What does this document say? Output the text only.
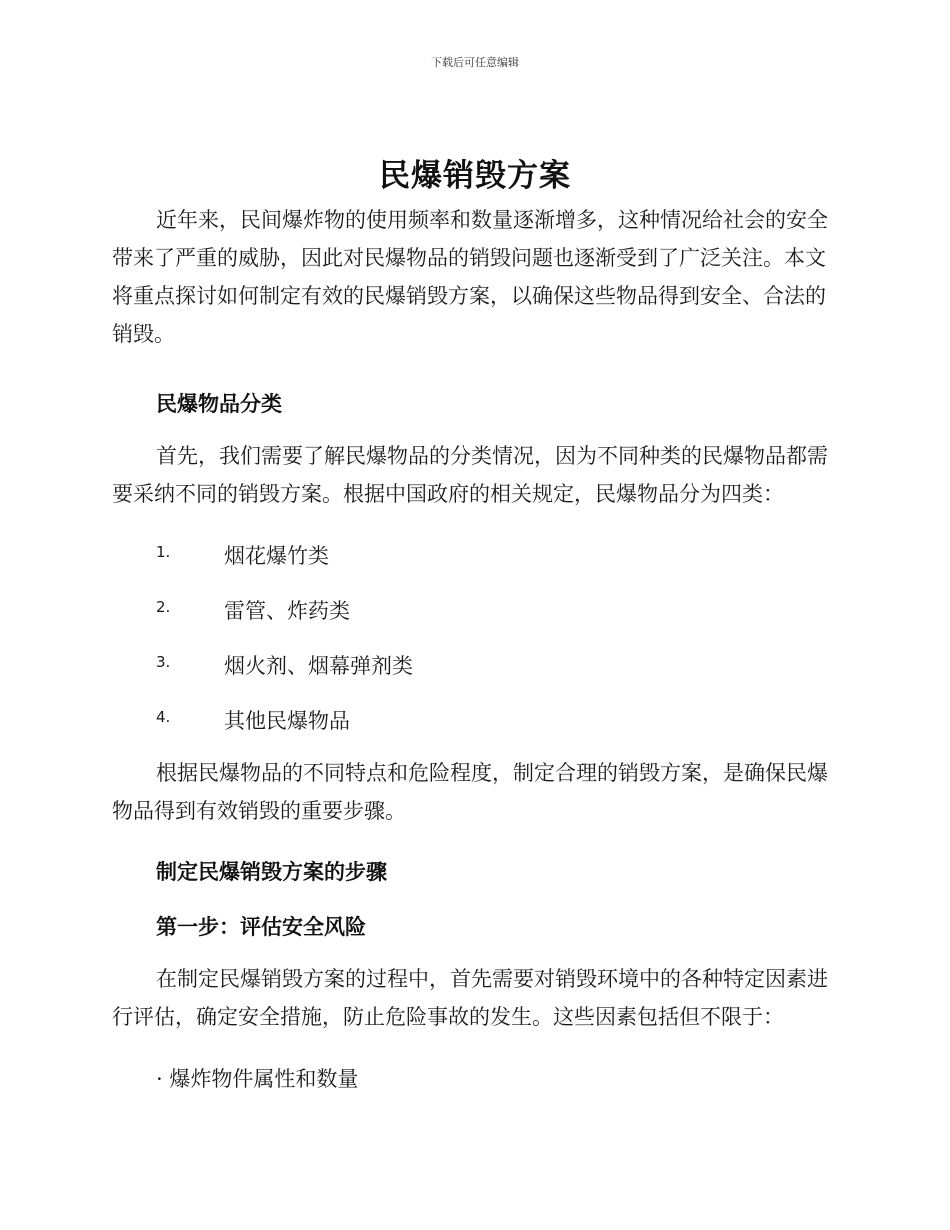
下载后可任意编辑
民爆销毁方案

近年来，民间爆炸物的使用频率和数量逐渐增多，这种情况给社会的安全带来了严重的威胁，因此对民爆物品的销毁问题也逐渐受到了广泛关注。本文将重点探讨如何制定有效的民爆销毁方案，以确保这些物品得到安全、合法的销毁。

民爆物品分类

首先，我们需要了解民爆物品的分类情况，因为不同种类的民爆物品都需要采纳不同的销毁方案。根据中国政府的相关规定，民爆物品分为四类：

1.	烟花爆竹类
2.	雷管、炸药类
3.	烟火剂、烟幕弹剂类
4.	其他民爆物品

根据民爆物品的不同特点和危险程度，制定合理的销毁方案，是确保民爆物品得到有效销毁的重要步骤。

制定民爆销毁方案的步骤
第一步：评估安全风险

在制定民爆销毁方案的过程中，首先需要对销毁环境中的各种特定因素进行评估，确定安全措施，防止危险事故的发生。这些因素包括但不限于：

· 爆炸物件属性和数量
